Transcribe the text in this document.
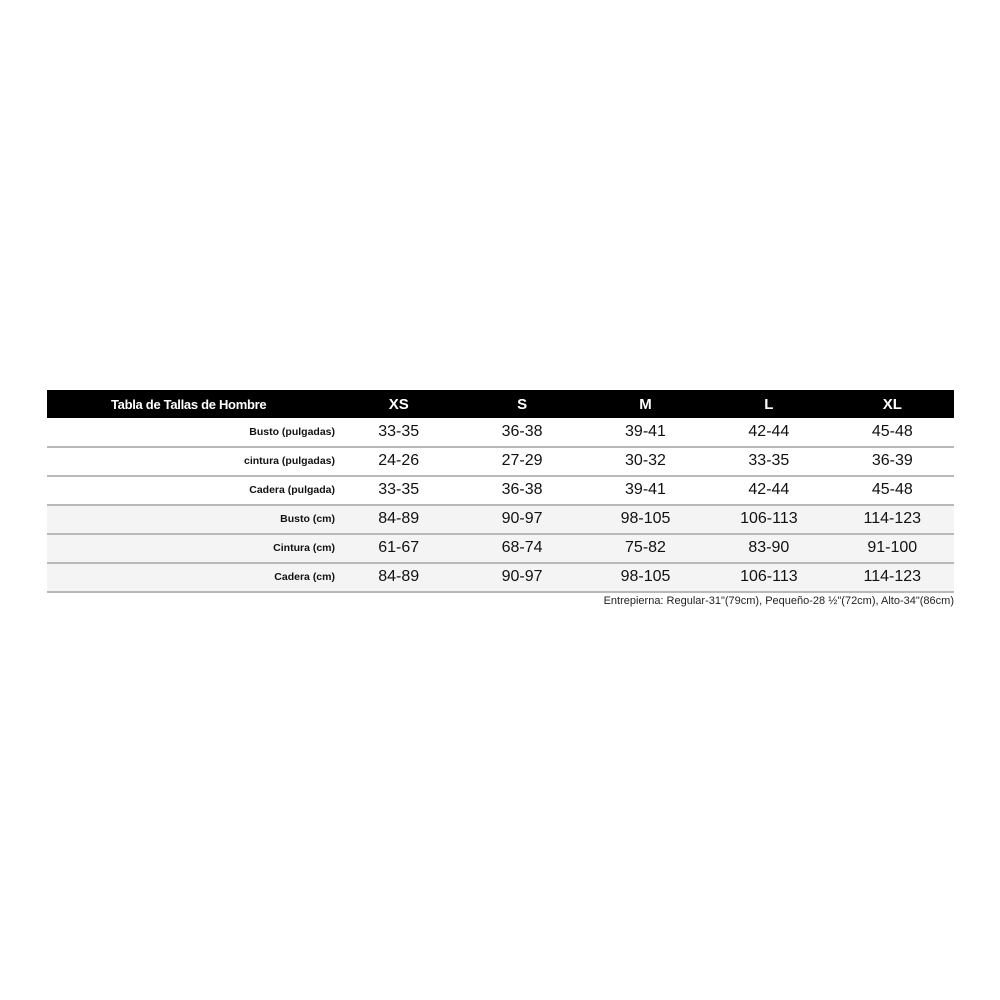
Tabla de Tallas de Hombre	XS	S	M	L	XL
Busto (pulgadas)	33-35	36-38	39-41	42-44	45-48
cintura (pulgadas)	24-26	27-29	30-32	33-35	36-39
Cadera (pulgada)	33-35	36-38	39-41	42-44	45-48
Busto (cm)	84-89	90-97	98-105	106-113	114-123
Cintura (cm)	61-67	68-74	75-82	83-90	91-100
Cadera (cm)	84-89	90-97	98-105	106-113	114-123
Entrepierna: Regular-31"(79cm), Pequeño-28 ½"(72cm), Alto-34"(86cm)
